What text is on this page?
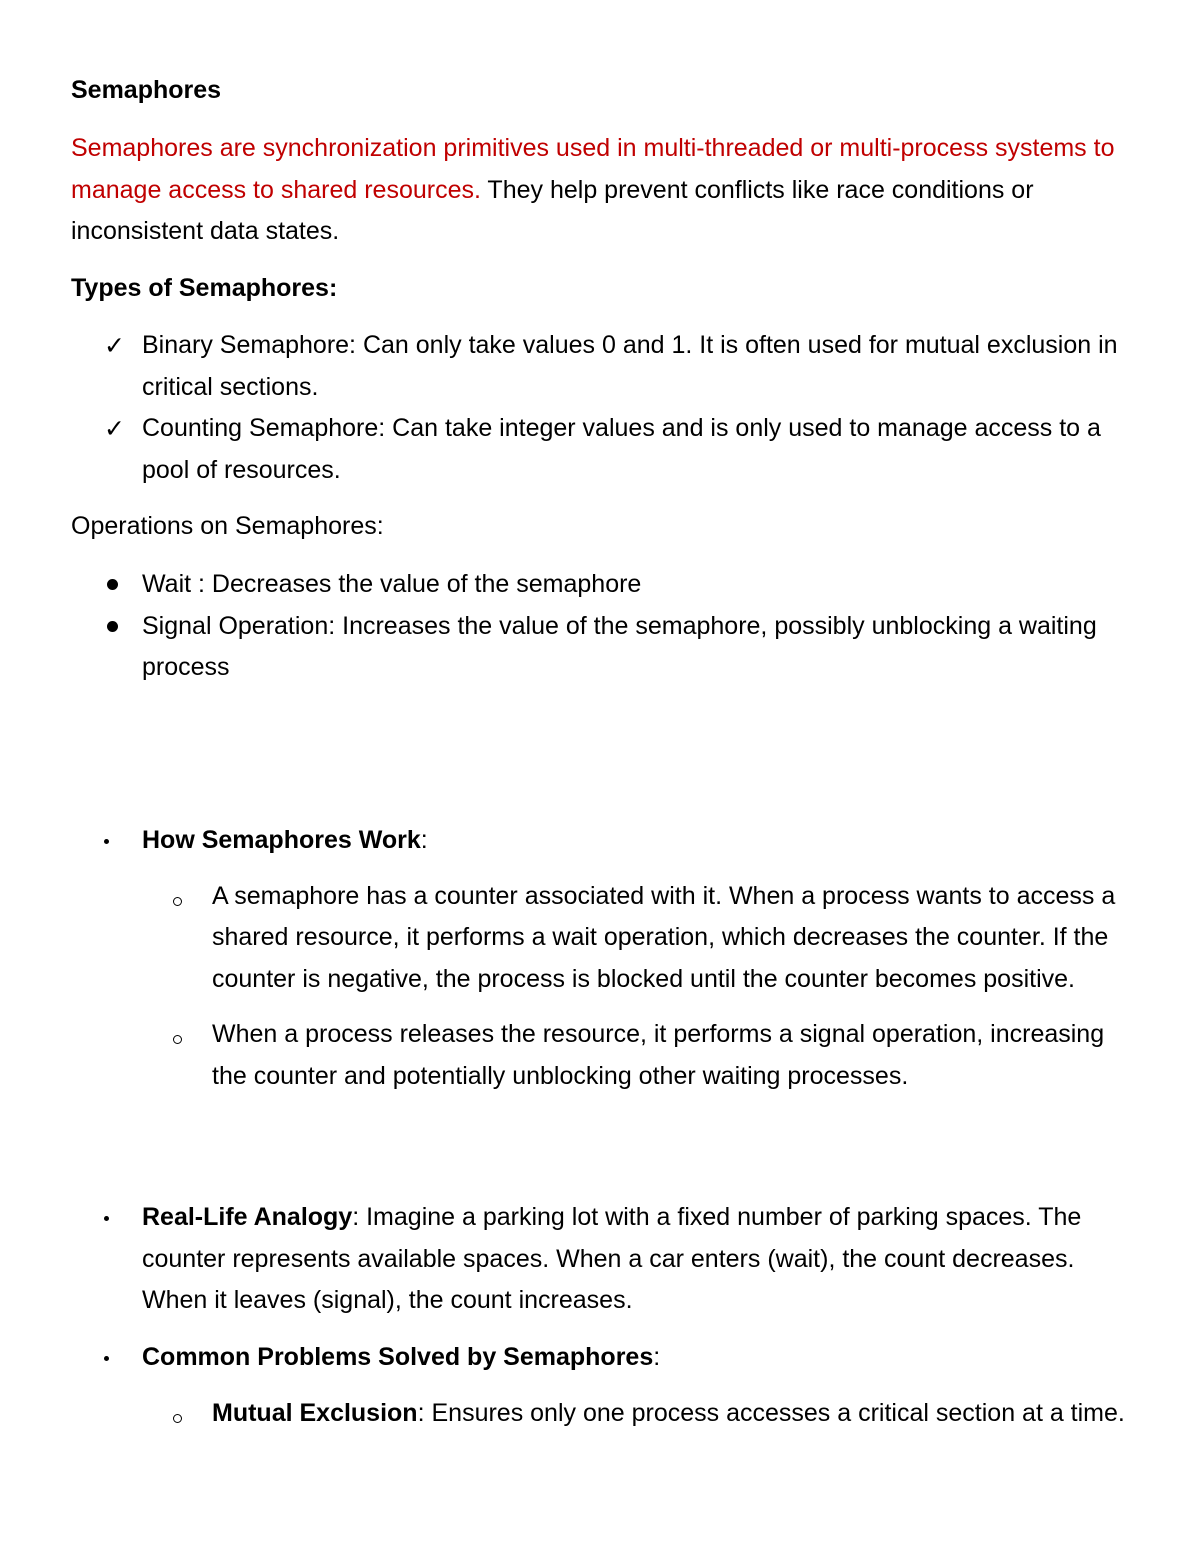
Semaphores

Semaphores are synchronization primitives used in multi-threaded or multi-process systems to manage access to shared resources. They help prevent conflicts like race conditions or inconsistent data states.

Types of Semaphores:
✓ Binary Semaphore: Can only take values 0 and 1. It is often used for mutual exclusion in critical sections.
✓ Counting Semaphore: Can take integer values and is only used to manage access to a pool of resources.
Operations on Semaphores:
Wait : Decreases the value of the semaphore
Signal Operation: Increases the value of the semaphore, possibly unblocking a waiting process
How Semaphores Work:
A semaphore has a counter associated with it. When a process wants to access a shared resource, it performs a wait operation, which decreases the counter. If the counter is negative, the process is blocked until the counter becomes positive.
When a process releases the resource, it performs a signal operation, increasing the counter and potentially unblocking other waiting processes.
Real-Life Analogy: Imagine a parking lot with a fixed number of parking spaces. The counter represents available spaces. When a car enters (wait), the count decreases. When it leaves (signal), the count increases.
Common Problems Solved by Semaphores:
Mutual Exclusion: Ensures only one process accesses a critical section at a time.
